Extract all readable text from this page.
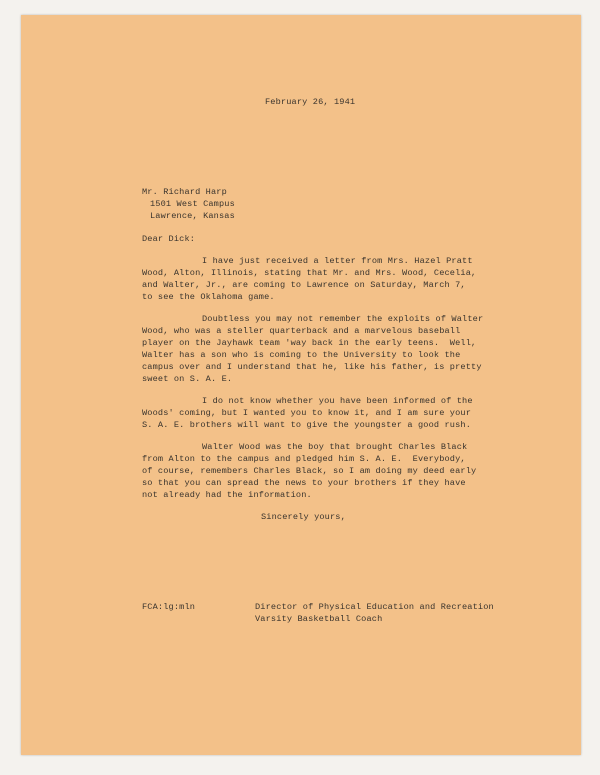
February 26, 1941
Mr. Richard Harp
1501 West Campus
Lawrence, Kansas
Dear Dick:
I have just received a letter from Mrs. Hazel Pratt
Wood, Alton, Illinois, stating that Mr. and Mrs. Wood, Cecelia,
and Walter, Jr., are coming to Lawrence on Saturday, March 7,
to see the Oklahoma game.
Doubtless you may not remember the exploits of Walter
Wood, who was a steller quarterback and a marvelous baseball
player on the Jayhawk team 'way back in the early teens.  Well,
Walter has a son who is coming to the University to look the
campus over and I understand that he, like his father, is pretty
sweet on S. A. E.
I do not know whether you have been informed of the
Woods' coming, but I wanted you to know it, and I am sure your
S. A. E. brothers will want to give the youngster a good rush.
Walter Wood was the boy that brought Charles Black
from Alton to the campus and pledged him S. A. E.  Everybody,
of course, remembers Charles Black, so I am doing my deed early
so that you can spread the news to your brothers if they have
not already had the information.
Sincerely yours,
FCA:lg:mln	Director of Physical Education and Recreation
Varsity Basketball Coach
